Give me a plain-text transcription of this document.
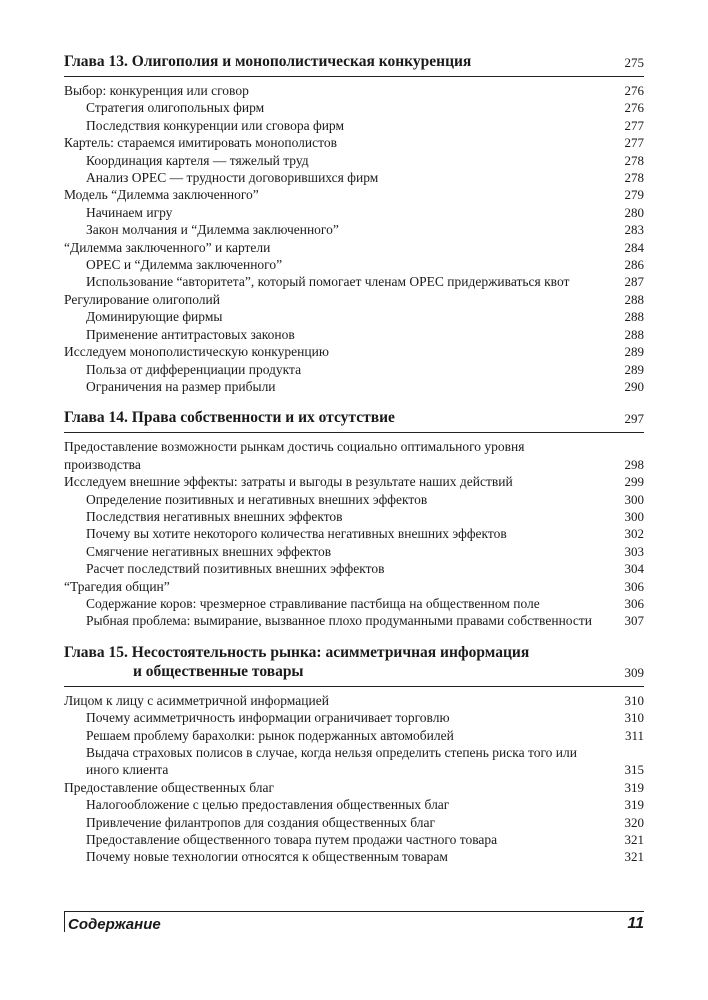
Глава 13. Олигополия и монополистическая конкуренция	275
Выбор: конкуренция или сговор	276
Стратегия олигопольных фирм	276
Последствия конкуренции или сговора фирм	277
Картель: стараемся имитировать монополистов	277
Координация картеля — тяжелый труд	278
Анализ ОРЕС — трудности договорившихся фирм	278
Модель “Дилемма заключенного”	279
Начинаем игру	280
Закон молчания и “Дилемма заключенного”	283
“Дилемма заключенного” и картели	284
ОРЕС и “Дилемма заключенного”	286
Использование “авторитета”, который помогает членам ОРЕС придерживаться квот	287
Регулирование олигополий	288
Доминирующие фирмы	288
Применение антитрастовых законов	288
Исследуем монополистическую конкуренцию	289
Польза от дифференциации продукта	289
Ограничения на размер прибыли	290
Глава 14. Права собственности и их отсутствие	297
Предоставление возможности рынкам достичь социально оптимального уровня производства	298
Исследуем внешние эффекты: затраты и выгоды в результате наших действий	299
Определение позитивных и негативных внешних эффектов	300
Последствия негативных внешних эффектов	300
Почему вы хотите некоторого количества негативных внешних эффектов	302
Смягчение негативных внешних эффектов	303
Расчет последствий позитивных внешних эффектов	304
“Трагедия общин”	306
Содержание коров: чрезмерное стравливание пастбища на общественном поле	306
Рыбная проблема: вымирание, вызванное плохо продуманными правами собственности	307
Глава 15. Несостоятельность рынка: асимметричная информация
и общественные товары	309
Лицом к лицу с асимметричной информацией	310
Почему асимметричность информации ограничивает торговлю	310
Решаем проблему барахолки: рынок подержанных автомобилей	311
Выдача страховых полисов в случае, когда нельзя определить степень риска того или иного клиента	315
Предоставление общественных благ	319
Налогообложение с целью предоставления общественных благ	319
Привлечение филантропов для создания общественных благ	320
Предоставление общественного товара путем продажи частного товара	321
Почему новые технологии относятся к общественным товарам	321
Содержание	11
